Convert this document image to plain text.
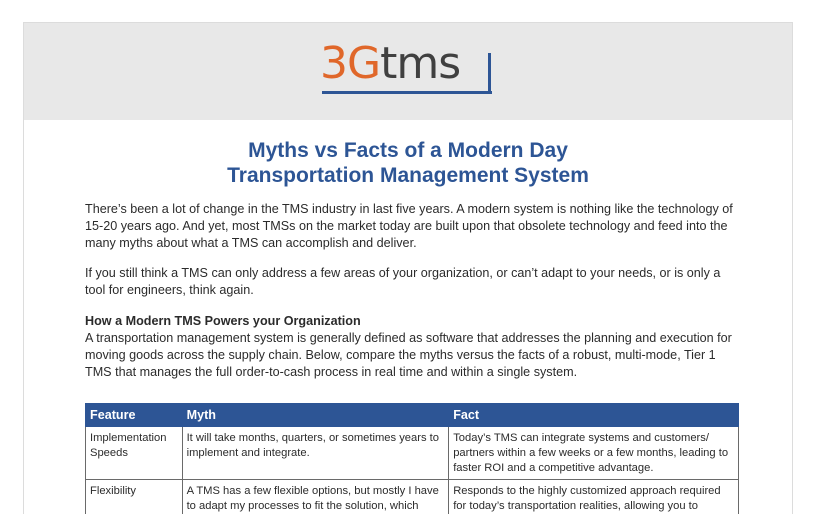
3Gtms
Myths vs Facts of a Modern Day
Transportation Management System

There’s been a lot of change in the TMS industry in last five years. A modern system is nothing like the technology of 15-20 years ago. And yet, most TMSs on the market today are built upon that obsolete technology and feed into the many myths about what a TMS can accomplish and deliver.

If you still think a TMS can only address a few areas of your organization, or can’t adapt to your needs, or is only a tool for engineers, think again.

How a Modern TMS Powers your Organization

A transportation management system is generally defined as software that addresses the planning and execution for moving goods across the supply chain. Below, compare the myths versus the facts of a robust, multi-mode, Tier 1 TMS that manages the full order-to-cash process in real time and within a single system.

Feature	Myth	Fact
Implementation Speeds	It will take months, quarters, or sometimes years to implement and integrate.	Today’s TMS can integrate systems and customers/ partners within a few weeks or a few months, leading to faster ROI and a competitive advantage.
Flexibility	A TMS has a few flexible options, but mostly I have to adapt my processes to fit the solution, which	Responds to the highly customized approach required for today’s transportation realities, allowing you to
